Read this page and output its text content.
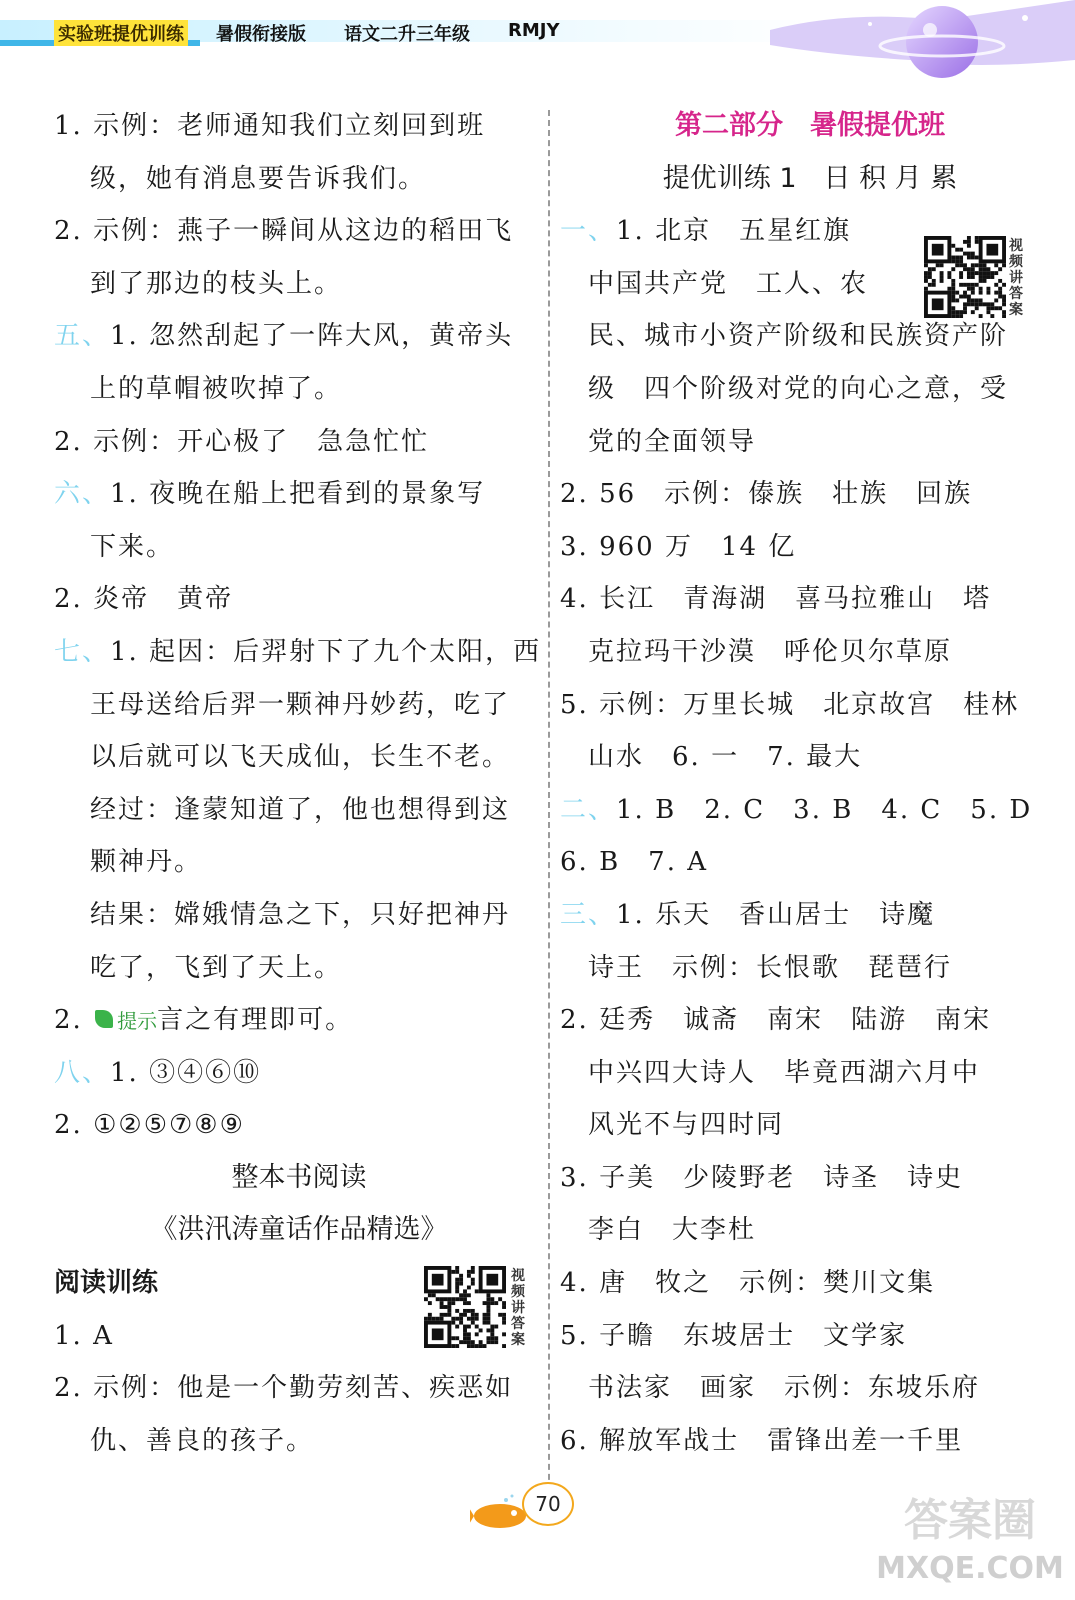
实验班提优训练 暑假衔接版 语文二升三年级 RMJY
1. 示例：老师通知我们立刻回到班
级，她有消息要告诉我们。
2. 示例：燕子一瞬间从这边的稻田飞
到了那边的枝头上。
五、1. 忽然刮起了一阵大风，黄帝头
上的草帽被吹掉了。
2. 示例：开心极了　急急忙忙
六、1. 夜晚在船上把看到的景象写
下来。
2. 炎帝　黄帝
七、1. 起因：后羿射下了九个太阳，西
王母送给后羿一颗神丹妙药，吃了
以后就可以飞天成仙，长生不老。
经过：逢蒙知道了，他也想得到这
颗神丹。
结果：嫦娥情急之下，只好把神丹
吃了，飞到了天上。
2. 提示言之有理即可。
八、1. ③④⑥⑩
2. ①②⑤⑦⑧⑨
整本书阅读
《洪汛涛童话作品精选》
阅读训练
1. A
2. 示例：他是一个勤劳刻苦、疾恶如
仇、善良的孩子。
视频讲答案
第二部分　暑假提优班
提优训练 1　日 积 月 累
一、1. 北京　五星红旗
中国共产党　工人、农
民、城市小资产阶级和民族资产阶
级　四个阶级对党的向心之意，受
党的全面领导
2. 56　示例：傣族　壮族　回族
3. 960 万　14 亿
4. 长江　青海湖　喜马拉雅山　塔
克拉玛干沙漠　呼伦贝尔草原
5. 示例：万里长城　北京故宫　桂林
山水　6. 一　7. 最大
二、1. B　2. C　3. B　4. C　5. D
6. B　7. A
三、1. 乐天　香山居士　诗魔
诗王　示例：长恨歌　琵琶行
2. 廷秀　诚斋　南宋　陆游　南宋
中兴四大诗人　毕竟西湖六月中
风光不与四时同
3. 子美　少陵野老　诗圣　诗史
李白　大李杜
4. 唐　牧之　示例：樊川文集
5. 子瞻　东坡居士　文学家
书法家　画家　示例：东坡乐府
6. 解放军战士　雷锋出差一千里
视频讲答案
70	答案圈
MXQE.COM
